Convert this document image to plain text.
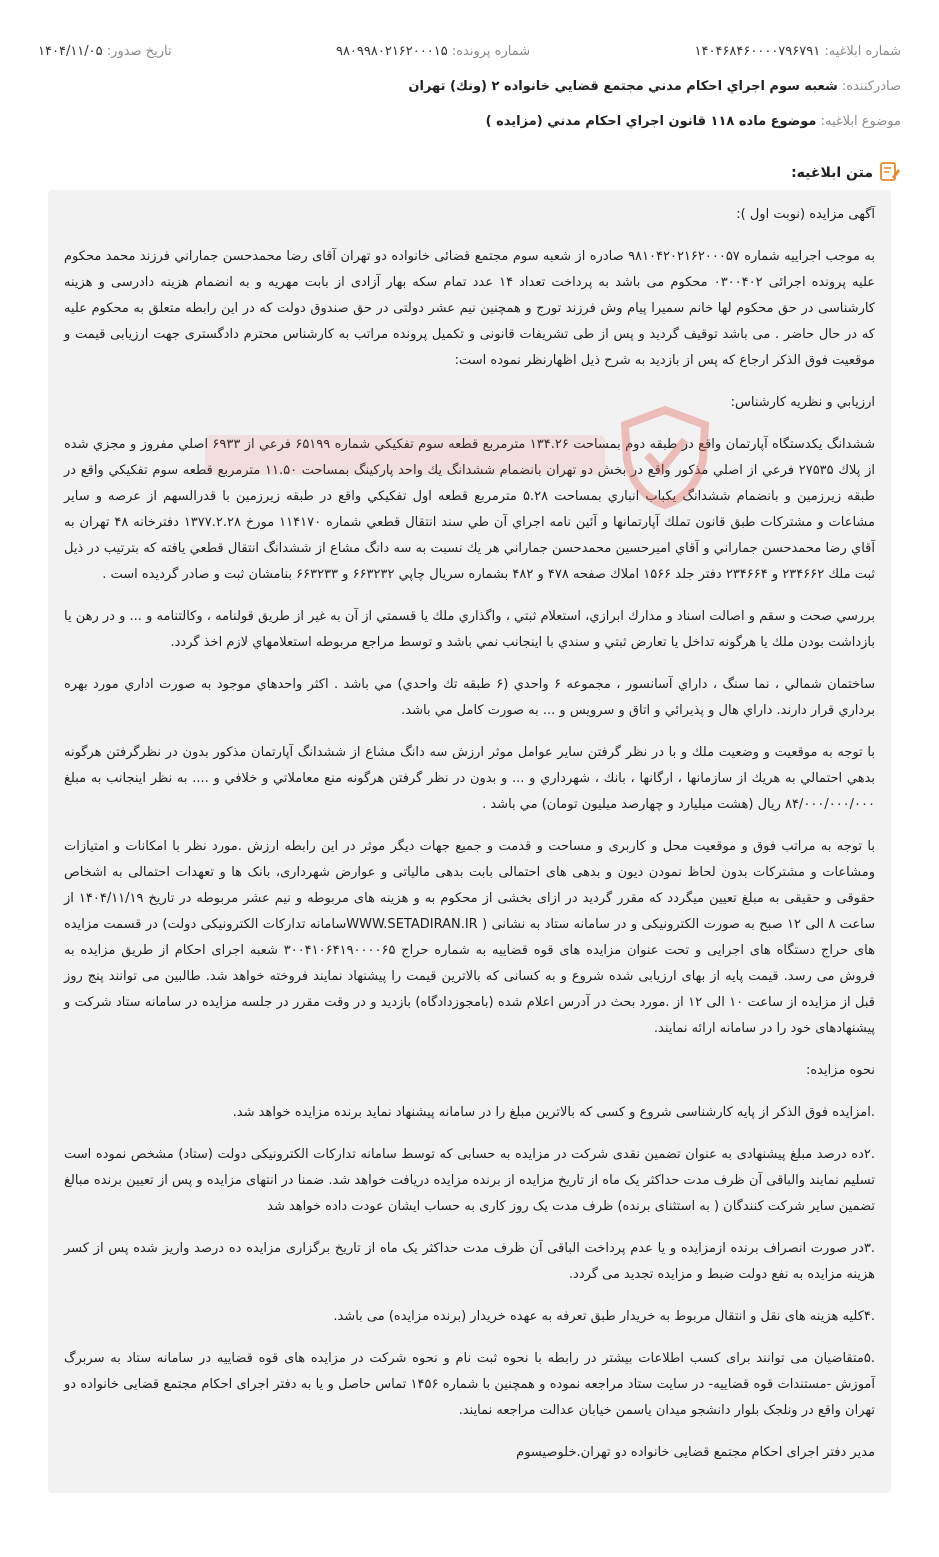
شماره ابلاغيه: ۱۴۰۴۶۸۴۶۰۰۰۰۷۹۶۷۹۱
شماره پرونده: ۹۸۰۹۹۸۰۲۱۶۲۰۰۰۱۵
تاریخ صدور: ۱۴۰۴/۱۱/۰۵
صادرکننده: شعبه سوم اجراي احكام مدني مجتمع قضايي خانواده ۲ (ونك) تهران
موضوع ابلاغيه: موضوع ماده ۱۱۸ قانون اجراي احكام مدني (مزايده )
متن ابلاغیه:

آگهی مزایده (نوبت اول ):

به موجب اجراییه شماره ۹۸۱۰۴۲۰۲۱۶۲۰۰۰۵۷ صادره از شعبه سوم مجتمع قضائی خانواده دو تهران آقای رضا محمدحسن جماراني فرزند محمد محكوم عليه پرونده اجرائی ۰۳۰۰۴۰۲ محكوم می باشد به پرداخت تعداد ۱۴ عدد تمام سكه بهار آزادی از بابت مهريه و به انضمام هزينه دادرسی و هزينه كارشناسی در حق محكوم لها خانم سميرا پيام وش فرزند تورج و همچنين نيم عشر دولتی در حق صندوق دولت كه در اين رابطه متعلق به محكوم عليه كه در حال حاضر . می باشد توقيف گرديد و پس از طی تشريفات قانونی و تكميل پرونده مراتب به كارشناس محترم دادگستری جهت ارزيابی قيمت و موقعيت فوق الذكر ارجاع كه پس از بازديد به شرح ذيل اظهارنظر نموده است:

ارزيابي و نظريه كارشناس:

ششدانگ يكدستگاه آپارتمان واقع در طبقه دوم بمساحت ۱۳۴.۲۶ مترمربع قطعه سوم تفكيكي شماره ۶۵۱۹۹ فرعي از ۶۹۳۳ اصلي مفروز و مجزي شده از پلاك ۲۷۵۳۵ فرعي از اصلي مذكور واقع در بخش دو تهران بانضمام ششدانگ يك واحد پاركينگ بمساحت ۱۱.۵۰ مترمربع قطعه سوم تفكيكي واقع در طبقه زيرزمين و بانضمام ششدانگ يكباب انباري بمساحت ۵.۲۸ مترمربع قطعه اول تفكيكي واقع در طبقه زيرزمين با قدرالسهم از عرصه و ساير مشاعات و مشتركات طبق قانون تملك آپارتمانها و آئين نامه اجراي آن طي سند انتقال قطعي شماره ۱۱۴۱۷۰ مورخ ۱۳۷۷.۲.۲۸ دفترخانه ۴۸ تهران به آقاي رضا محمدحسن جماراني و آقاي اميرحسين محمدحسن جماراني هر يك نسبت به سه دانگ مشاع از ششدانگ انتقال قطعي يافته كه بترتيب در ذيل ثبت ملك ۲۳۴۶۶۲ و ۲۳۴۶۶۴ دفتر جلد ۱۵۶۶ املاك صفحه ۴۷۸ و ۴۸۲ بشماره سريال چاپي ۶۶۳۲۳۲ و ۶۶۳۲۳۳ بنامشان ثبت و صادر گرديده است .

بررسي صحت و سقم و اصالت اسناد و مدارك ابرازي، استعلام ثبتي ، واگذاري ملك يا قسمتي از آن به غير از طريق قولنامه ، وكالتنامه و ... و در رهن يا بازداشت بودن ملك يا هرگونه تداخل يا تعارض ثبتي و سندي با اينجانب نمي باشد و توسط مراجع مربوطه استعلامهاي لازم اخذ گردد.

ساختمان شمالي ، نما سنگ ، داراي آسانسور ، مجموعه ۶ واحدي (۶ طبقه تك واحدي) مي باشد . اكثر واحدهاي موجود به صورت اداري مورد بهره برداري قرار دارند. داراي هال و پذيرائي و اتاق و سرويس و ... به صورت كامل مي باشد.

با توجه به موقعيت و وضعيت ملك و با در نظر گرفتن ساير عوامل موثر ارزش سه دانگ مشاع از ششدانگ آپارتمان مذكور بدون در نظرگرفتن هرگونه بدهي احتمالي به هريك از سازمانها ، ارگانها ، بانك ، شهرداري و ... و بدون در نظر گرفتن هرگونه منع معاملاتي و خلافي و .... به نظر اينجانب به مبلغ ۸۴/۰۰۰/۰۰۰/۰۰۰ ريال (هشت ميليارد و چهارصد ميليون تومان) مي باشد .

با توجه به مراتب فوق و موقعيت محل و كاربری و مساحت و قدمت و جميع جهات ديگر موثر در اين رابطه ارزش .مورد نظر با امكانات و امتيازات ومشاعات و مشتركات بدون لحاظ نمودن ديون و بدهی های احتمالی بابت بدهی مالياتی و عوارض شهرداری، بانک ها و تعهدات احتمالی به اشخاص حقوقی و حقيقی به مبلغ تعيين ميگردد كه مقرر گرديد در ازای بخشی از محكوم به و هزينه های مربوطه و نيم عشر مربوطه در تاريخ ۱۴۰۴/۱۱/۱۹ از ساعت ۸ الی ۱۲ صبح به صورت الكترونيكی و در سامانه ستاد به نشانی ( WWW.SETADIRAN.IRسامانه تداركات الكترونيكی دولت) در قسمت مزايده های حراج دستگاه های اجرايی و تحت عنوان مزايده های قوه قضاييه به شماره حراج ۳۰۰۴۱۰۶۴۱۹۰۰۰۰۶۵ شعبه اجرای احكام از طريق مزايده به فروش می رسد. قيمت پايه از بهای ارزيابی شده شروع و به كسانی كه بالاترين قيمت را پيشنهاد نمايند فروخته خواهد شد. طالبين می توانند پنج روز قبل از مزايده از ساعت ۱۰ الی ۱۲ از .مورد بحث در آدرس اعلام شده (بامجوزدادگاه) بازديد و در وقت مقرر در جلسه مزايده در سامانه ستاد شركت و پيشنهادهای خود را در سامانه ارائه نمايند.

نحوه مزايده:

.امزايده فوق الذكر از پايه كارشناسی شروع و كسی كه بالاترين مبلغ را در سامانه پيشنهاد نمايد برنده مزايده خواهد شد.

.۲ده درصد مبلغ پيشنهادی به عنوان تضمين نقدی شركت در مزايده به حسابی كه توسط سامانه تداركات الكترونيكی دولت (ستاد) مشخص نموده است تسليم نمايند والباقی آن ظرف مدت حداكثر يک ماه از تاريخ مزايده از برنده مزايده دريافت خواهد شد. ضمنا در انتهای مزايده و پس از تعيين برنده مبالغ تضمين ساير شركت كنندگان ( به استثنای برنده) ظرف مدت يک روز كاری به حساب ايشان عودت داده خواهد شد

.۳در صورت انصراف برنده ازمزايده و يا عدم پرداخت الباقی آن ظرف مدت حداكثر يک ماه از تاريخ برگزاری مزايده ده درصد واريز شده پس از كسر هزينه مزايده به نفع دولت ضبط و مزايده تجديد می گردد.

.۴كليه هزينه های نقل و انتقال مربوط به خريدار طبق تعرفه به عهده خريدار (برنده مزايده) می باشد.

.۵متقاضيان می توانند برای كسب اطلاعات بيشتر در رابطه با نحوه ثبت نام و نحوه شركت در مزايده های قوه قضاييه در سامانه ستاد به سربرگ آموزش -مستندات قوه قضاييه- در سايت ستاد مراجعه نموده و همچنين با شماره ۱۴۵۶ تماس حاصل و يا به دفتر اجرای احكام مجتمع قضايی خانواده دو تهران واقع در ونلجک بلوار دانشجو ميدان ياسمن خيابان عدالت مراجعه نمايند.

مدير دفتر اجرای احكام مجتمع قضايی خانواده دو تهران.خلوصيسوم
